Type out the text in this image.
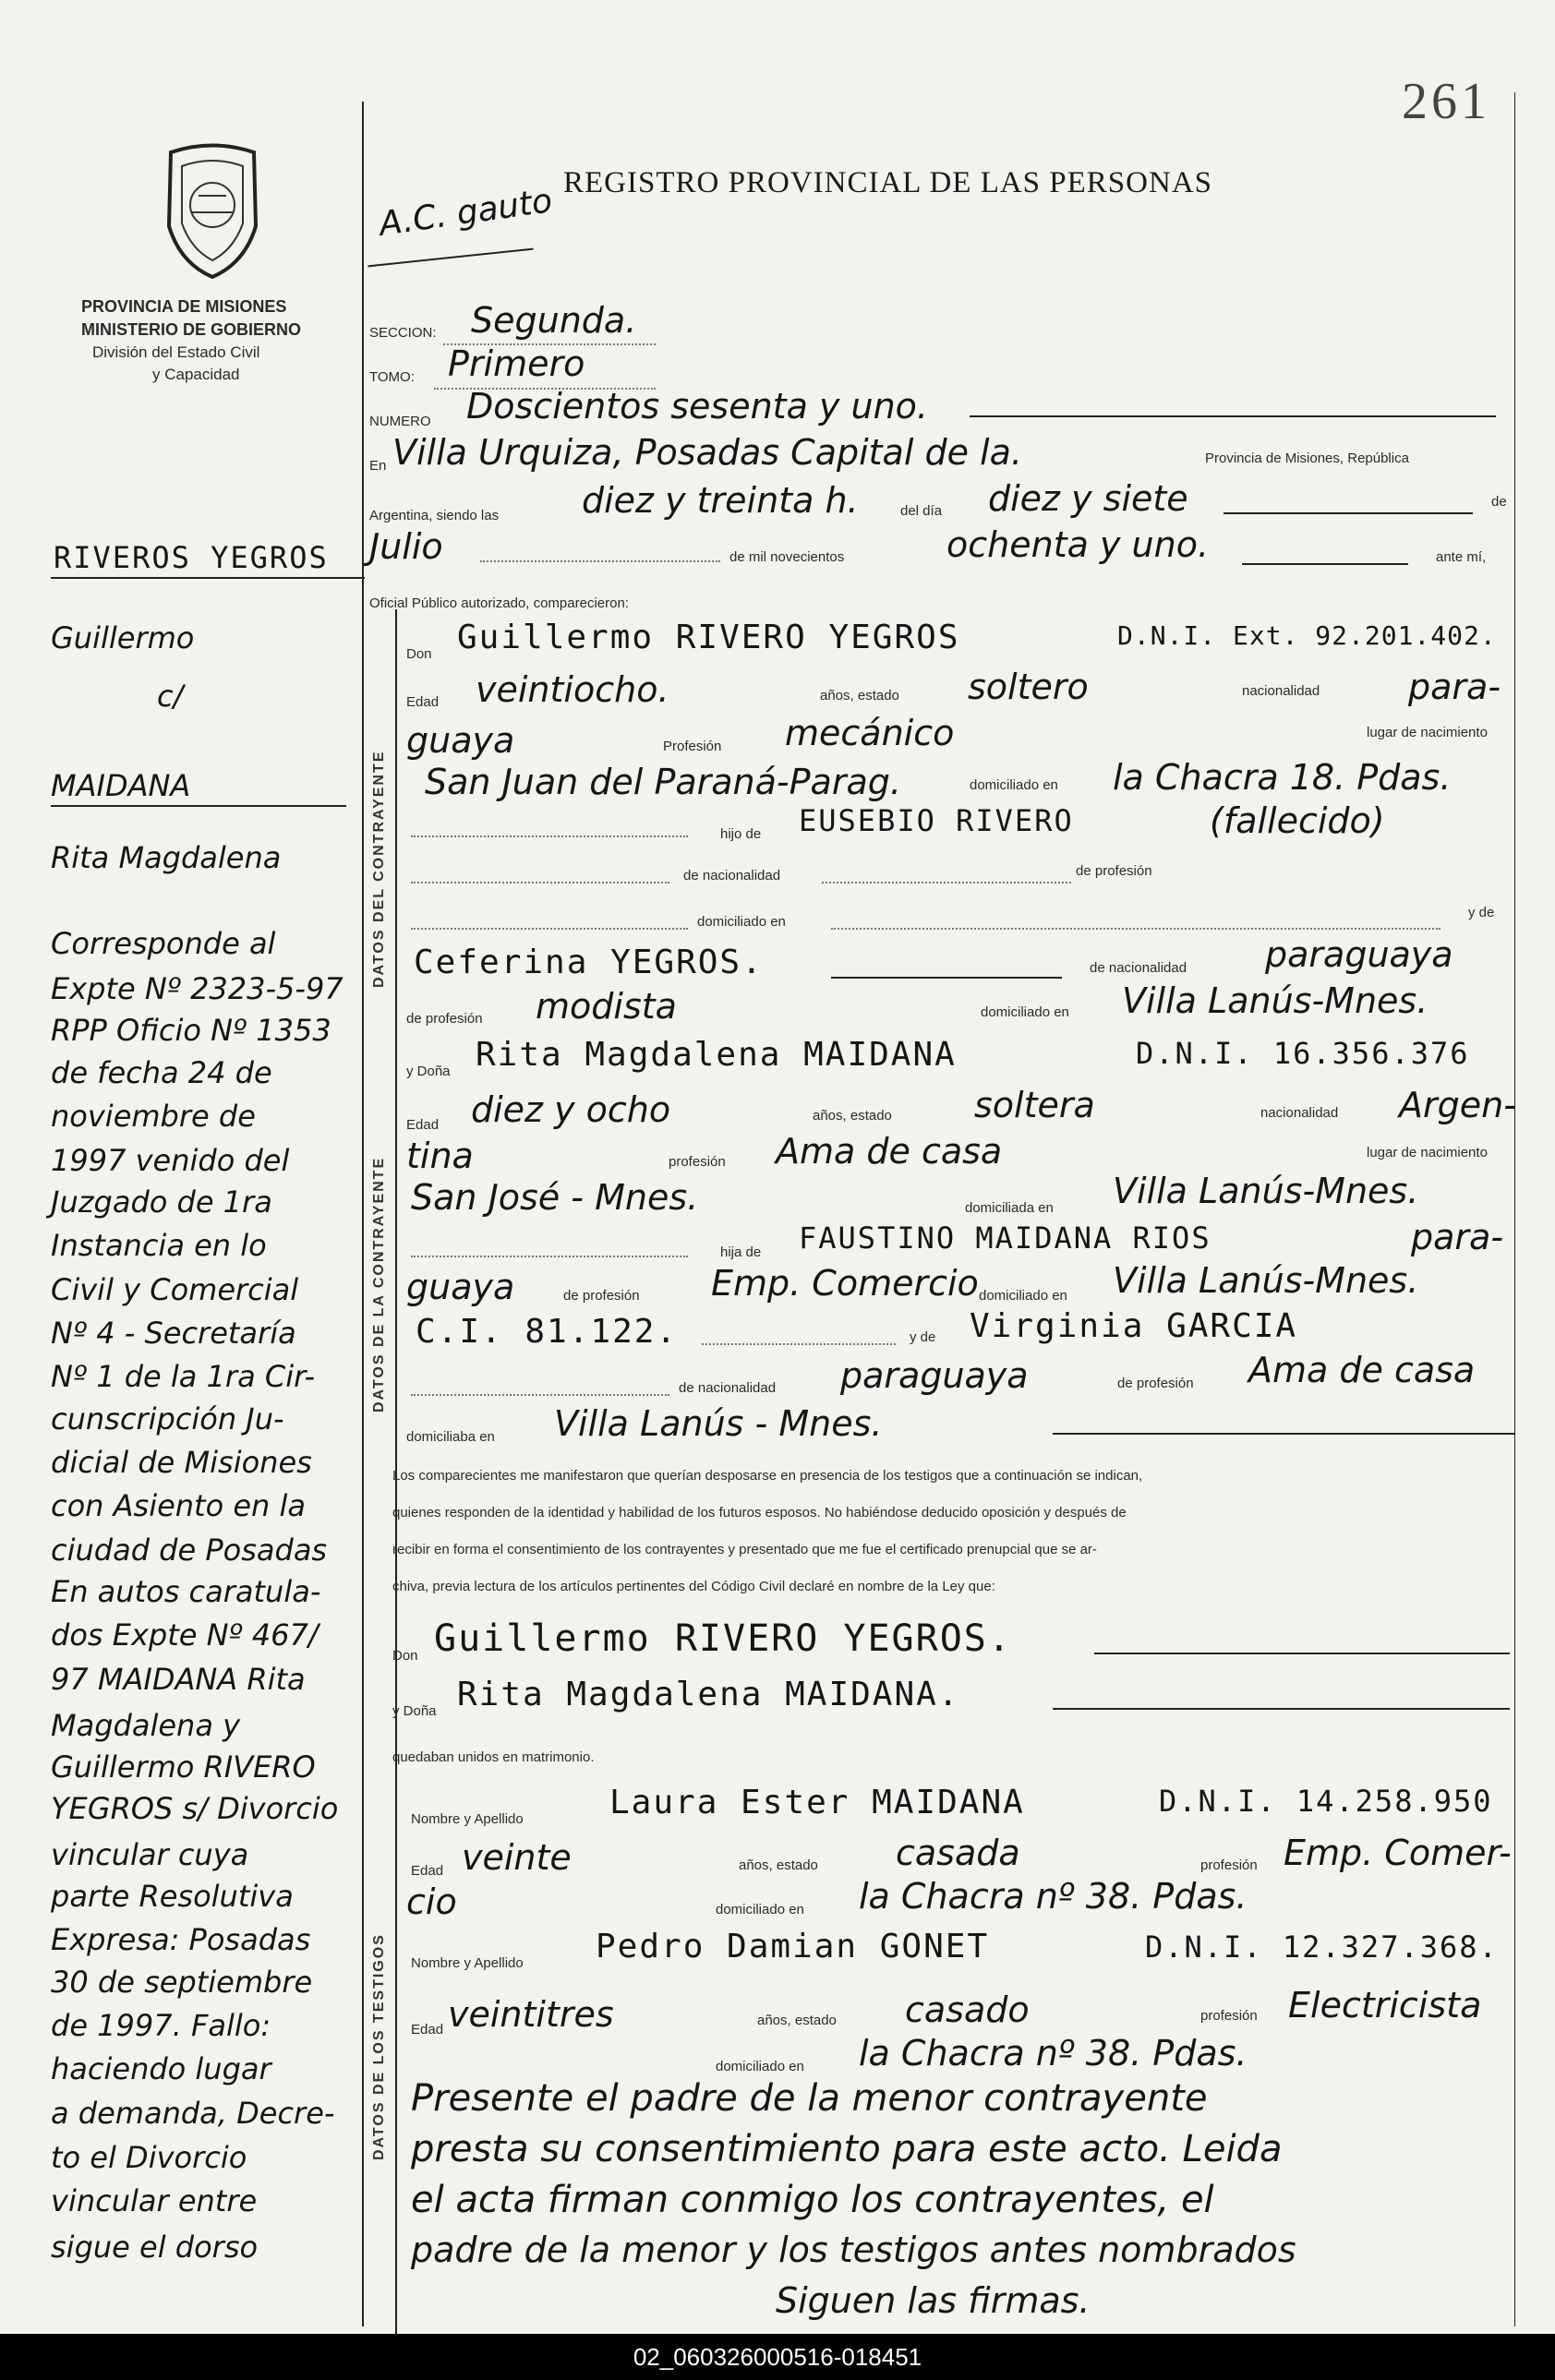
261
PROVINCIA DE MISIONES
MINISTERIO DE GOBIERNO
División del Estado Civil
y Capacidad
A.C. gauto REGISTRO PROVINCIAL DE LAS PERSONAS
DATOS DEL CONTRAYENTE
DATOS DE LA CONTRAYENTE
DATOS DE LOS TESTIGOS
SECCION: Segunda.
TOMO: Primero
NUMERO Doscientos sesenta y uno.
En Villa Urquiza, Posadas Capital de la.	Provincia de Misiones, República
Argentina, siendo las diez y treinta h.	del día diez y siete	de
Julio	de mil novecientos	ochenta y uno.	ante mí,
Oficial Público autorizado, comparecieron:
RIVEROS YEGROS
Guillermo
c/
MAIDANA
Rita Magdalena
Corresponde al
Expte Nº 2323-5-97
RPP Oficio Nº 1353
de fecha 24 de
noviembre de
1997 venido del
Juzgado de 1ra
Instancia en lo
Civil y Comercial
Nº 4 - Secretaría
Nº 1 de la 1ra Cir-
cunscripción Ju-
dicial de Misiones
con Asiento en la
ciudad de Posadas
En autos caratula-
dos Expte Nº 467/
97 MAIDANA Rita
Magdalena y
Guillermo RIVERO
YEGROS s/ Divorcio
vincular cuya
parte Resolutiva
Expresa: Posadas
30 de septiembre
de 1997. Fallo:
haciendo lugar
a demanda, Decre-
to el Divorcio
vincular entre
sigue el dorso
Don Guillermo RIVERO YEGROS	D.N.I. Ext. 92.201.402.
Edad veintiocho.	años, estado soltero	nacionalidad	para-
guaya	Profesión mecánico	lugar de nacimiento
San Juan del Paraná-Parag.	domiciliado en la Chacra 18. Pdas.
hijo de EUSEBIO RIVERO	(fallecido)
de nacionalidad	de profesión
domiciliado en
y de
Ceferina YEGROS.	de nacionalidad paraguaya
de profesión modista	domiciliado en Villa Lanús-Mnes.
y Doña Rita Magdalena MAIDANA	D.N.I. 16.356.376
Edad diez y ocho	años, estado soltera	nacionalidad Argen-
tina	profesión Ama de casa	lugar de nacimiento
San José - Mnes.	domiciliada en Villa Lanús-Mnes.
hija de FAUSTINO MAIDANA RIOS	para-
guaya	de profesión Emp. Comercio domiciliado en Villa Lanús-Mnes.
C.I. 81.122.	y de Virginia GARCIA
de nacionalidad paraguaya	de profesión Ama de casa
domiciliaba en Villa Lanús - Mnes.
Los comparecientes me manifestaron que querían desposarse en presencia de los testigos que a continuación se indican,
quienes responden de la identidad y habilidad de los futuros esposos. No habiéndose deducido oposición y después de
recibir en forma el consentimiento de los contrayentes y presentado que me fue el certificado prenupcial que se ar-
chiva, previa lectura de los artículos pertinentes del Código Civil declaré en nombre de la Ley que:
Don Guillermo RIVERO YEGROS.
y Doña Rita Magdalena MAIDANA.
quedaban unidos en matrimonio.
Nombre y Apellido	Laura Ester MAIDANA	D.N.I. 14.258.950
Edad veinte	años, estado casada	profesión Emp. Comer-
cio	domiciliado en la Chacra nº 38. Pdas.
Nombre y Apellido Pedro Damian GONET	D.N.I. 12.327.368.
Edad veintitres	años, estado casado	profesión Electricista
domiciliado en la Chacra nº 38. Pdas.
Presente el padre de la menor contrayente
presta su consentimiento para este acto. Leida
el acta firman conmigo los contrayentes, el
padre de la menor y los testigos antes nombrados
Siguen las firmas.
02_060326000516-018451
